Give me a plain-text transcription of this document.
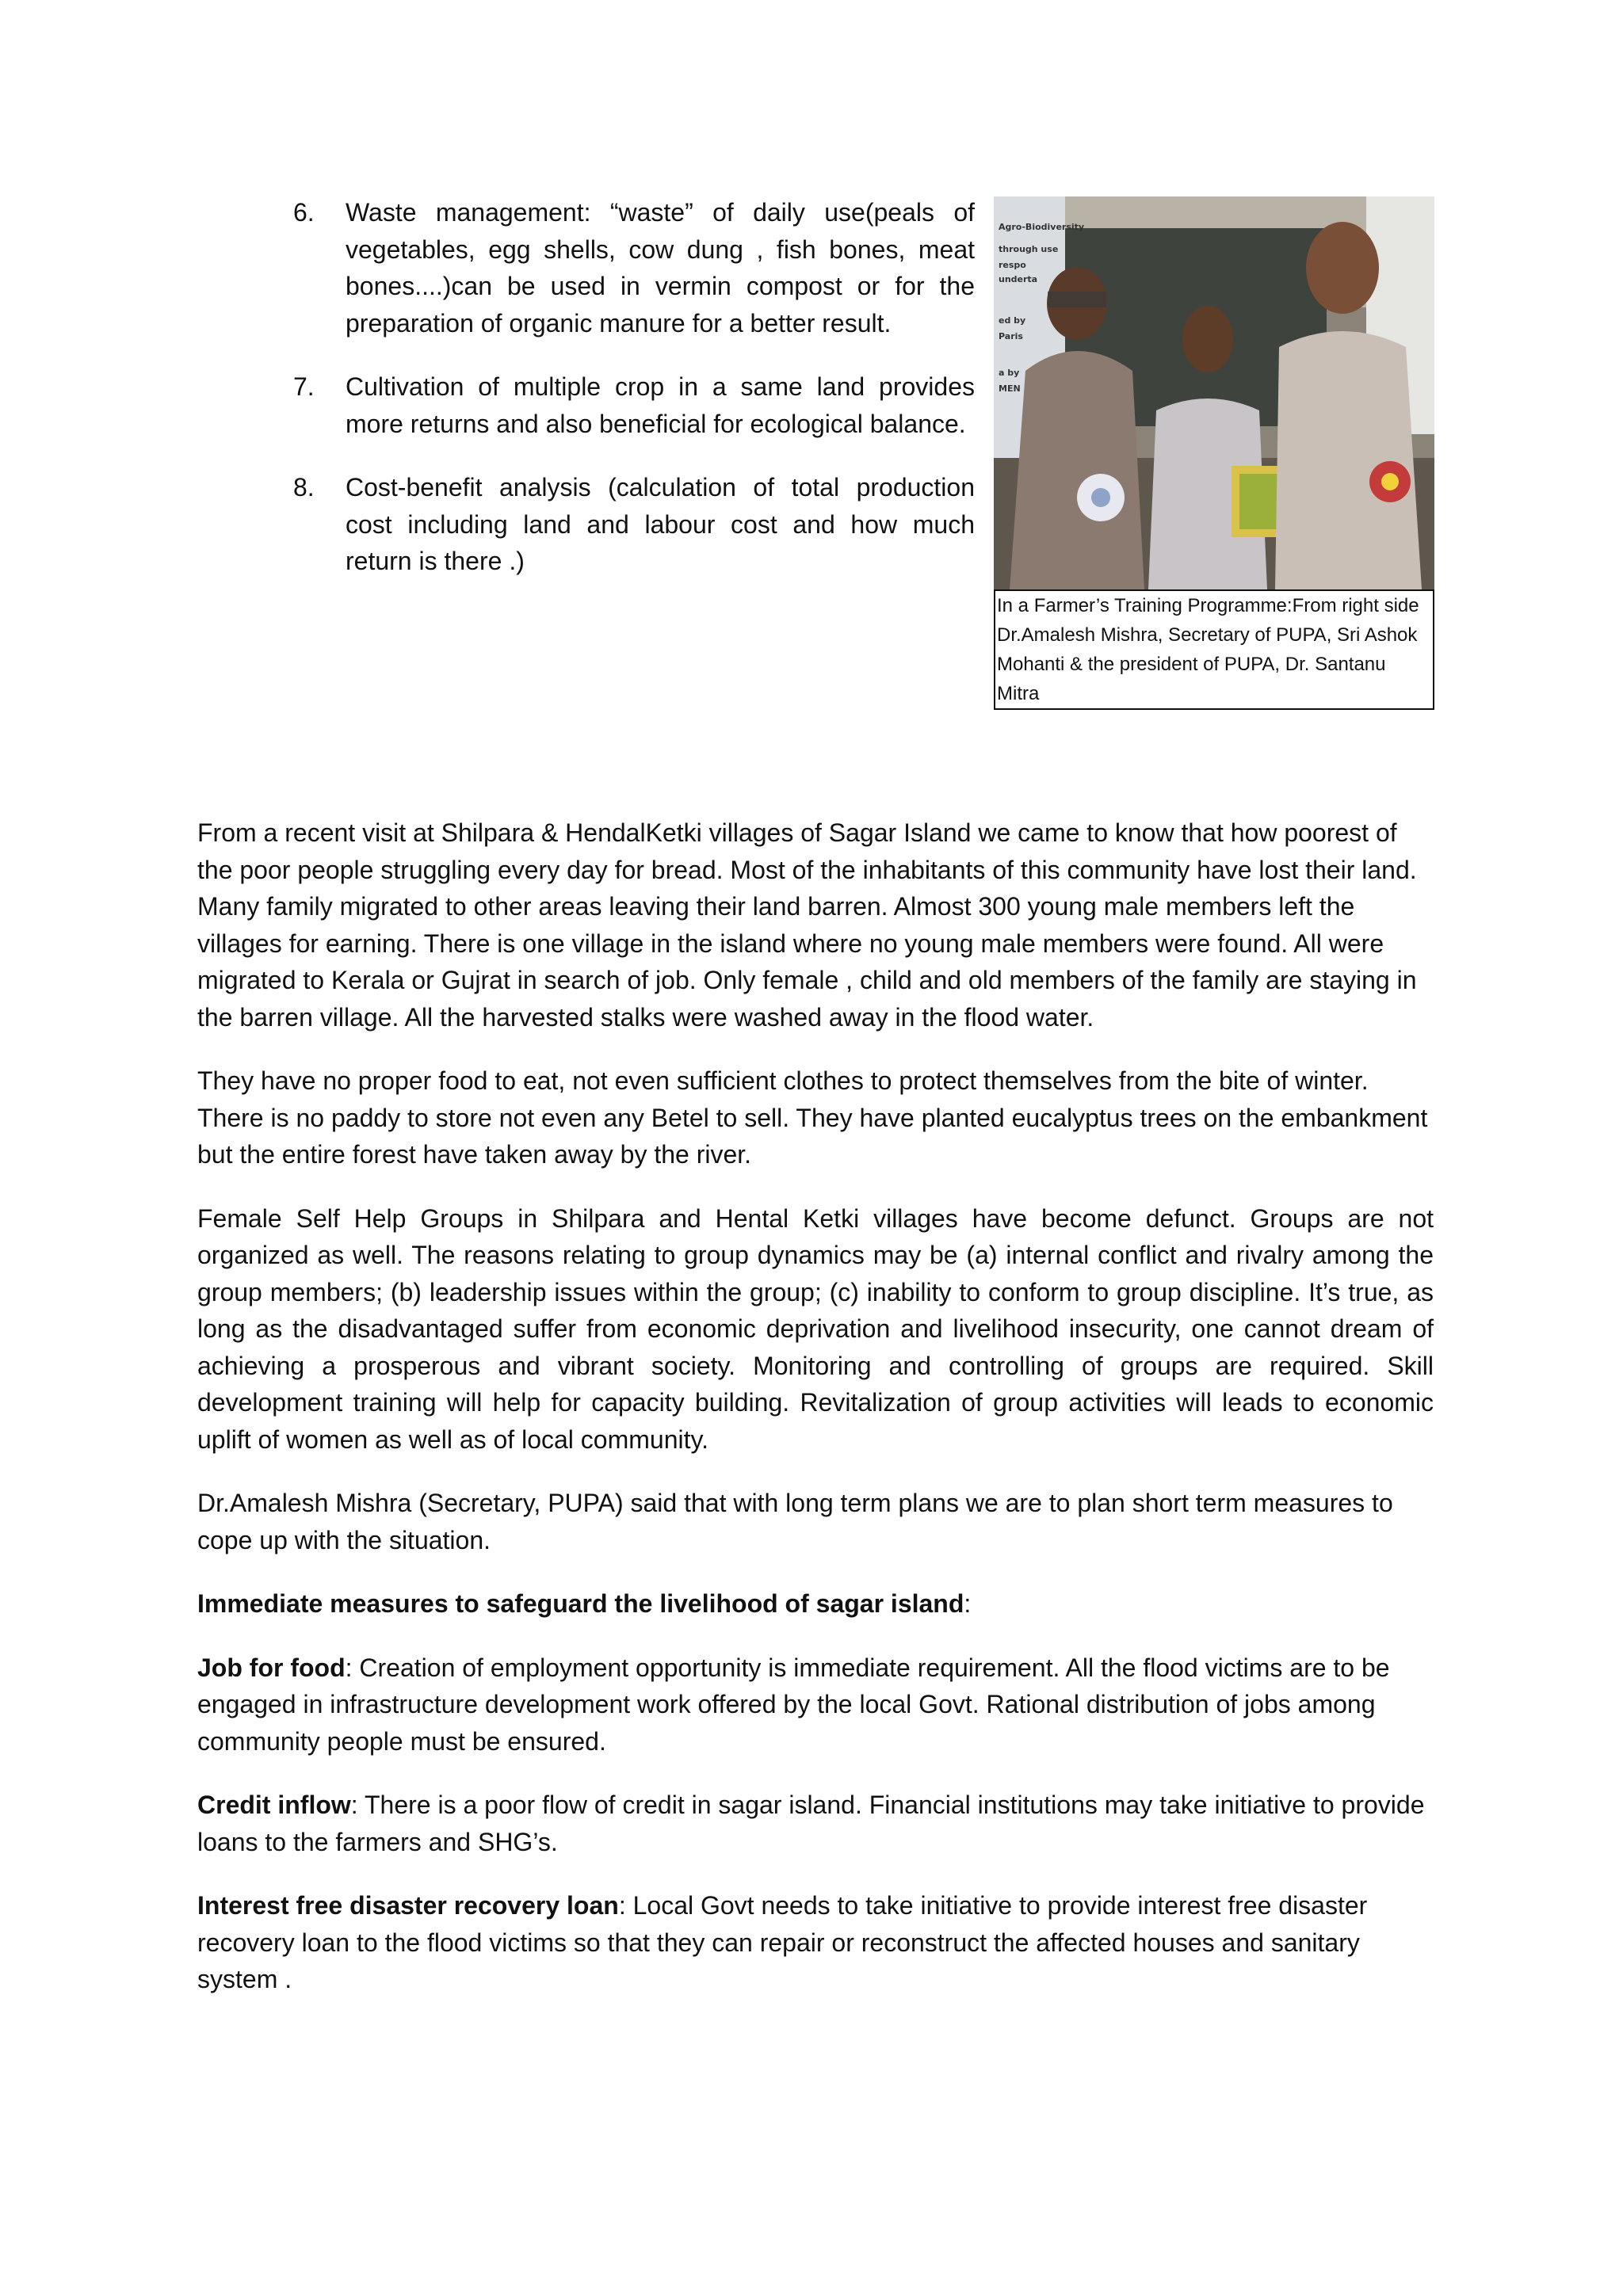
6.	Waste management: “waste” of daily use(peals of vegetables, egg shells, cow dung , fish bones, meat bones....)can be used in vermin compost or for the preparation of organic manure for a better result.
7.	Cultivation of multiple crop in a same land provides more returns and also beneficial for ecological balance.
8.	Cost-benefit analysis (calculation of total production cost including land and labour cost and how much return is there .)
Agro-Biodiversity
through use
respo
underta
ed by
Paris
a by
MEN
In a Farmer’s Training Programme:From right side Dr.Amalesh Mishra, Secretary of PUPA, Sri Ashok Mohanti & the president of PUPA, Dr. Santanu Mitra

From a recent visit at Shilpara & HendalKetki villages of Sagar Island we came to know that how poorest of the poor people struggling every day for bread. Most of the inhabitants of this community have lost their land. Many family migrated to other areas leaving their land barren. Almost 300 young male members left the villages for earning. There is one village in the island where no young male members were found. All were migrated to Kerala or Gujrat in search of job. Only female , child and old members of the family are staying in the barren village. All the harvested stalks were washed away in the flood water.

They have no proper food to eat, not even sufficient clothes to protect themselves from the bite of winter. There is no paddy to store not even any Betel to sell. They have planted eucalyptus trees on the embankment but the entire forest have taken away by the river.

Female Self Help Groups in Shilpara and Hental Ketki villages have become defunct. Groups are not organized as well. The reasons relating to group dynamics may be (a) internal conflict and rivalry among the group members; (b) leadership issues within the group; (c) inability to conform to group discipline. It’s true, as long as the disadvantaged suffer from economic deprivation and livelihood insecurity, one cannot dream of achieving a prosperous and vibrant society. Monitoring and controlling of groups are required. Skill development training will help for capacity building. Revitalization of group activities will leads to economic uplift of women as well as of local community.

Dr.Amalesh Mishra (Secretary, PUPA) said that with long term plans we are to plan short term measures to cope up with the situation.

Immediate measures to safeguard the livelihood of sagar island:

Job for food: Creation of employment opportunity is immediate requirement. All the flood victims are to be engaged in infrastructure development work offered by the local Govt. Rational distribution of jobs among community people must be ensured.

Credit inflow: There is a poor flow of credit in sagar island. Financial institutions may take initiative to provide loans to the farmers and SHG’s.

Interest free disaster recovery loan: Local Govt needs to take initiative to provide interest free disaster recovery loan to the flood victims so that they can repair or reconstruct the affected houses and sanitary system .
